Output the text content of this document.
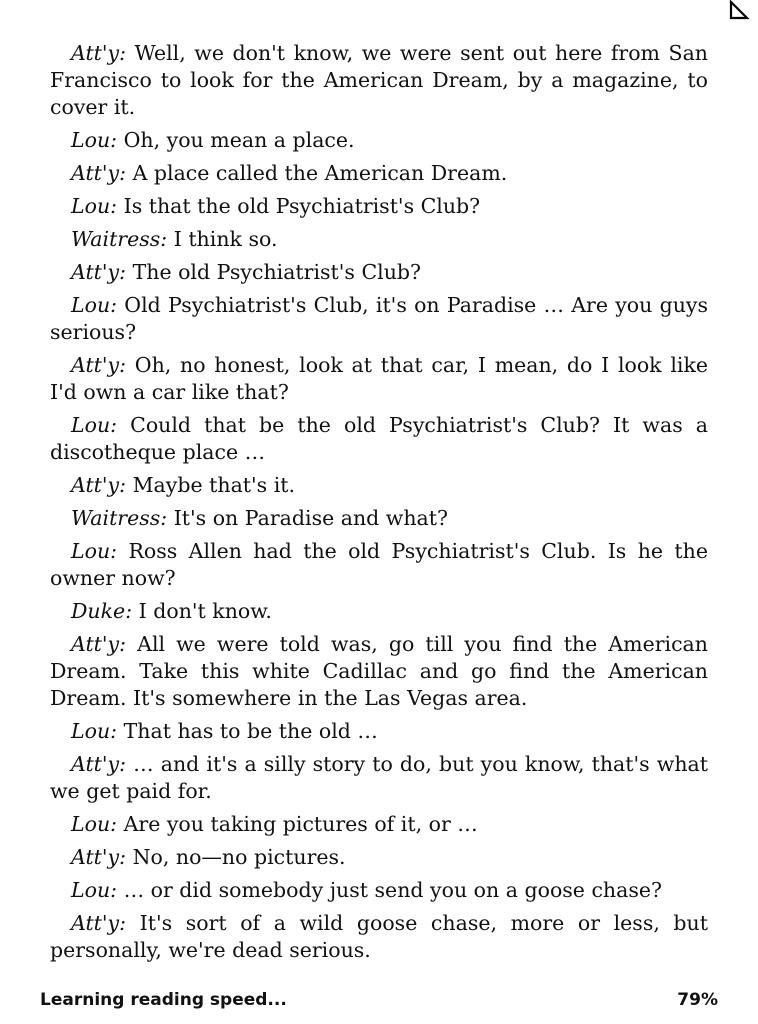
Att'y: Well, we don't know, we were sent out here from San Francisco to look for the American Dream, by a magazine, to cover it.

Lou: Oh, you mean a place.

Att'y: A place called the American Dream.

Lou: Is that the old Psychiatrist's Club?

Waitress: I think so.

Att'y: The old Psychiatrist's Club?

Lou: Old Psychiatrist's Club, it's on Paradise … Are you guys serious?

Att'y: Oh, no honest, look at that car, I mean, do I look like I'd own a car like that?

Lou: Could that be the old Psychiatrist's Club? It was a discotheque place …

Att'y: Maybe that's it.

Waitress: It's on Paradise and what?

Lou: Ross Allen had the old Psychiatrist's Club. Is he the owner now?

Duke: I don't know.

Att'y: All we were told was, go till you find the American Dream. Take this white Cadillac and go find the American Dream. It's somewhere in the Las Vegas area.

Lou: That has to be the old …

Att'y: … and it's a silly story to do, but you know, that's what we get paid for.

Lou: Are you taking pictures of it, or …

Att'y: No, no—no pictures.

Lou: … or did somebody just send you on a goose chase?

Att'y: It's sort of a wild goose chase, more or less, but personally, we're dead serious.

Learning reading speed...	79%
